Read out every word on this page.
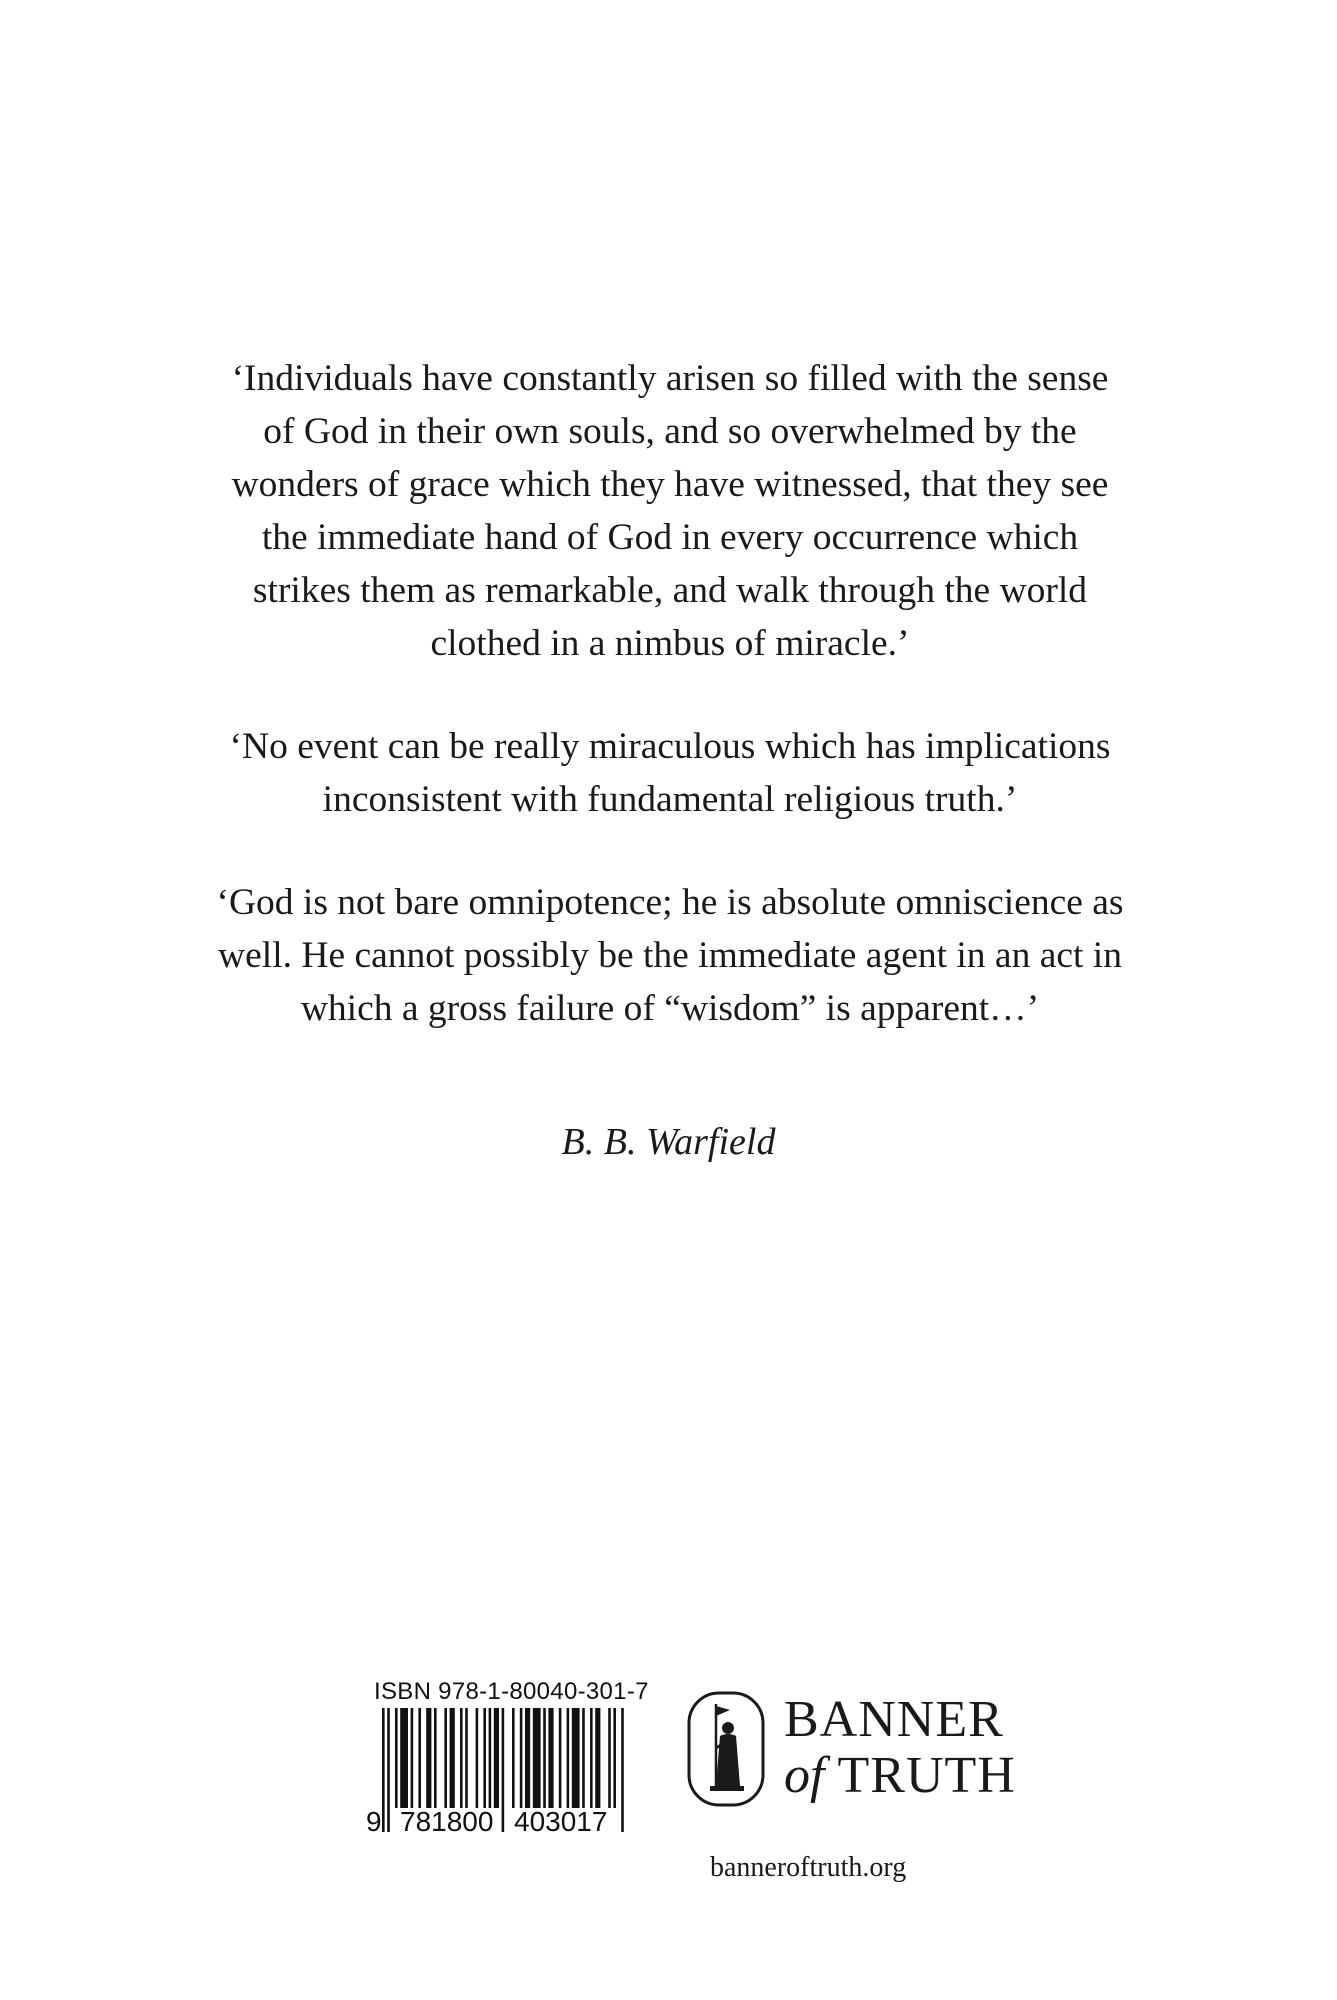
‘Individuals have constantly arisen so filled with the sense
of God in their own souls, and so overwhelmed by the
wonders of grace which they have witnessed, that they see
the immediate hand of God in every occurrence which
strikes them as remarkable, and walk through the world
clothed in a nimbus of miracle.’

‘No event can be really miraculous which has implications
inconsistent with fundamental religious truth.’

‘God is not bare omnipotence; he is absolute omniscience as
well. He cannot possibly be the immediate agent in an act in
which a gross failure of “wisdom” is apparent…’

B. B. Warfield
ISBN 978-1-80040-301-7
9 781800 403017
BANNER
of TRUTH
banneroftruth.org
